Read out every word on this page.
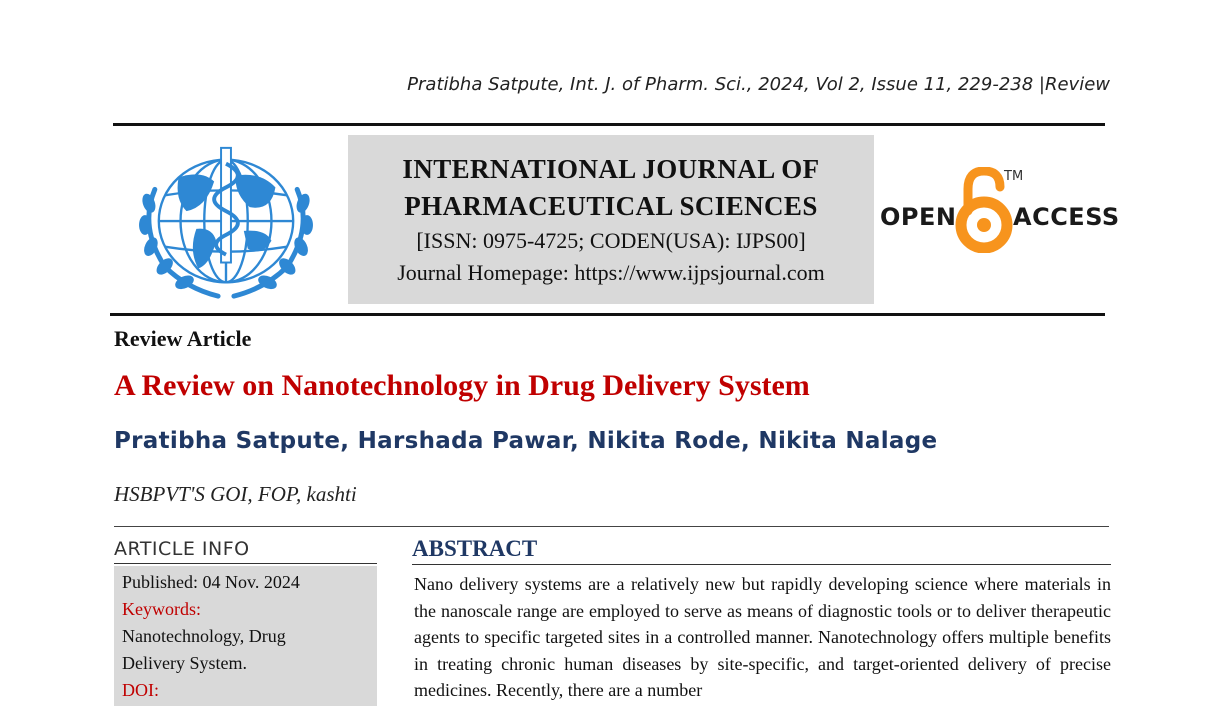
Pratibha Satpute, Int. J. of Pharm. Sci., 2024, Vol 2, Issue 11, 229-238 |Review
INTERNATIONAL JOURNAL OF
PHARMACEUTICAL SCIENCES
[ISSN: 0975-4725; CODEN(USA): IJPS00]
Journal Homepage: https://www.ijpsjournal.com
OPEN
TM
ACCESS
Review Article
A Review on Nanotechnology in Drug Delivery System
Pratibha Satpute, Harshada Pawar, Nikita Rode, Nikita Nalage
HSBPVT'S GOI, FOP, kashti
ARTICLE INFO
Published: 04 Nov. 2024
Keywords:
Nanotechnology, Drug
Delivery System.
DOI:
ABSTRACT

Nano delivery systems are a relatively new but rapidly developing science where materials in the nanoscale range are employed to serve as means of diagnostic tools or to deliver therapeutic agents to specific targeted sites in a controlled manner. Nanotechnology offers multiple benefits in treating chronic human diseases by site-specific, and target-oriented delivery of precise medicines. Recently, there are a number
